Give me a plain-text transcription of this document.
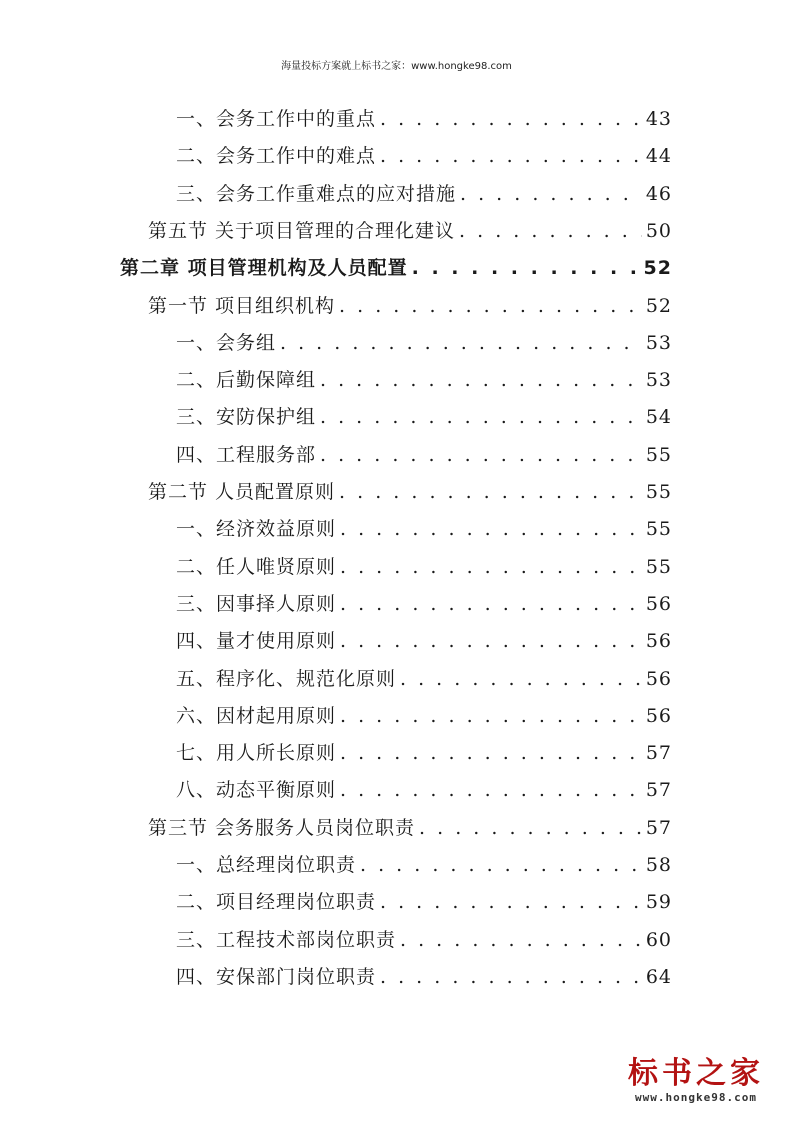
海量投标方案就上标书之家：www.hongke98.com
一、会务工作中的重点 . . .	43
二、会务工作中的难点 . . .	44
三、会务工作重难点的应对措施 . . .	46
第五节 关于项目管理的合理化建议 . . .	50
第二章 项目管理机构及人员配置 . . .	52
第一节 项目组织机构 . . .	52
一、会务组 . . .	53
二、后勤保障组 . . .	53
三、安防保护组 . . .	54
四、工程服务部 . . .	55
第二节 人员配置原则 . . .	55
一、经济效益原则 . . .	55
二、任人唯贤原则 . . .	55
三、因事择人原则 . . .	56
四、量才使用原则 . . .	56
五、程序化、规范化原则 . . .	56
六、因材起用原则 . . .	56
七、用人所长原则 . . .	57
八、动态平衡原则 . . .	57
第三节 会务服务人员岗位职责 . . .	57
一、总经理岗位职责 . . .	58
二、项目经理岗位职责 . . .	59
三、工程技术部岗位职责 . . .	60
四、安保部门岗位职责 . . .	64
标书之家
www.hongke98.com
